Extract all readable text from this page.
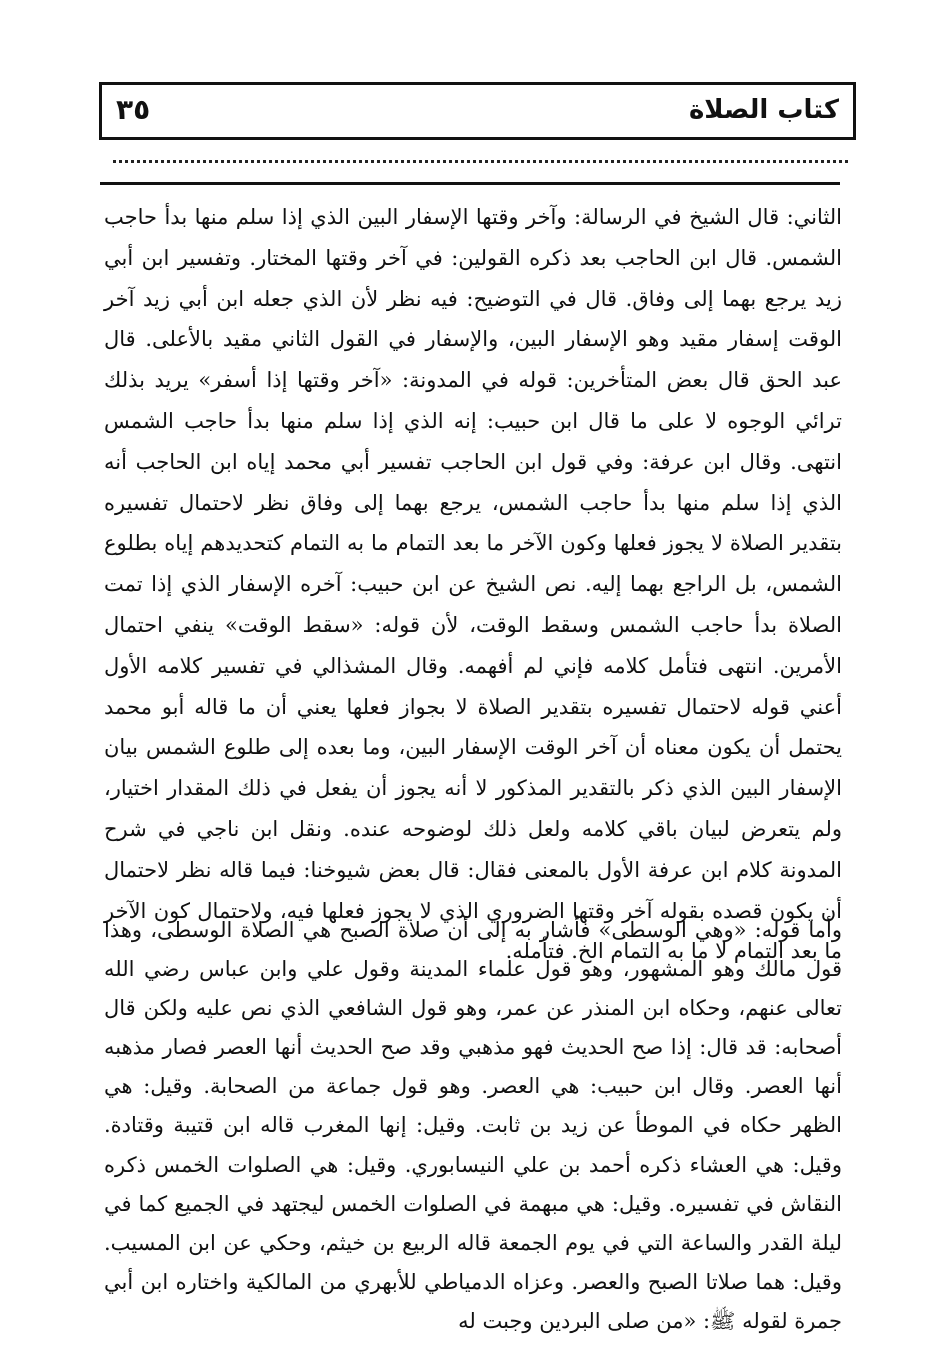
كتاب الصلاة
٣٥

الثاني: قال الشيخ في الرسالة: وآخر وقتها الإسفار البين الذي إذا سلم منها بدأ حاجب الشمس. قال ابن الحاجب بعد ذكره القولين: في آخر وقتها المختار. وتفسير ابن أبي زيد يرجع بهما إلى وفاق. قال في التوضيح: فيه نظر لأن الذي جعله ابن أبي زيد آخر الوقت إسفار مقيد وهو الإسفار البين، والإسفار في القول الثاني مقيد بالأعلى. قال عبد الحق قال بعض المتأخرين: قوله في المدونة: «آخر وقتها إذا أسفر» يريد بذلك ترائي الوجوه لا على ما قال ابن حبيب: إنه الذي إذا سلم منها بدأ حاجب الشمس انتهى. وقال ابن عرفة: وفي قول ابن الحاجب تفسير أبي محمد إياه ابن الحاجب أنه الذي إذا سلم منها بدأ حاجب الشمس، يرجع بهما إلى وفاق نظر لاحتمال تفسيره بتقدير الصلاة لا يجوز فعلها وكون الآخر ما بعد التمام ما به التمام كتحديدهم إياه بطلوع الشمس، بل الراجع بهما إليه. نص الشيخ عن ابن حبيب: آخره الإسفار الذي إذا تمت الصلاة بدأ حاجب الشمس وسقط الوقت، لأن قوله: «سقط الوقت» ينفي احتمال الأمرين. انتهى فتأمل كلامه فإني لم أفهمه. وقال المشذالي في تفسير كلامه الأول أعني قوله لاحتمال تفسيره بتقدير الصلاة لا بجواز فعلها يعني أن ما قاله أبو محمد يحتمل أن يكون معناه أن آخر الوقت الإسفار البين، وما بعده إلى طلوع الشمس بيان الإسفار البين الذي ذكر بالتقدير المذكور لا أنه يجوز أن يفعل في ذلك المقدار اختيار، ولم يتعرض لبيان باقي كلامه ولعل ذلك لوضوحه عنده. ونقل ابن ناجي في شرح المدونة كلام ابن عرفة الأول بالمعنى فقال: قال بعض شيوخنا: فيما قاله نظر لاحتمال أن يكون قصده بقوله آخر وقتها الضروري الذي لا يجوز فعلها فيه، ولاحتمال كون الآخر ما بعد التمام لا ما به التمام الخ. فتأمله.

وأما قوله: «وهي الوسطى» فأشار به إلى أن صلاة الصبح هي الصلاة الوسطى، وهذا قول مالك وهو المشهور، وهو قول علماء المدينة وقول علي وابن عباس رضي الله تعالى عنهم، وحكاه ابن المنذر عن عمر، وهو قول الشافعي الذي نص عليه ولكن قال أصحابه: قد قال: إذا صح الحديث فهو مذهبي وقد صح الحديث أنها العصر فصار مذهبه أنها العصر. وقال ابن حبيب: هي العصر. وهو قول جماعة من الصحابة. وقيل: هي الظهر حكاه في الموطأ عن زيد بن ثابت. وقيل: إنها المغرب قاله ابن قتيبة وقتادة. وقيل: هي العشاء ذكره أحمد بن علي النيسابوري. وقيل: هي الصلوات الخمس ذكره النقاش في تفسيره. وقيل: هي مبهمة في الصلوات الخمس ليجتهد في الجميع كما في ليلة القدر والساعة التي في يوم الجمعة قاله الربيع بن خيثم، وحكي عن ابن المسيب. وقيل: هما صلاتا الصبح والعصر. وعزاه الدمياطي للأبهري من المالكية واختاره ابن أبي جمرة لقوله ﷺ: «من صلى البردين وجبت له
